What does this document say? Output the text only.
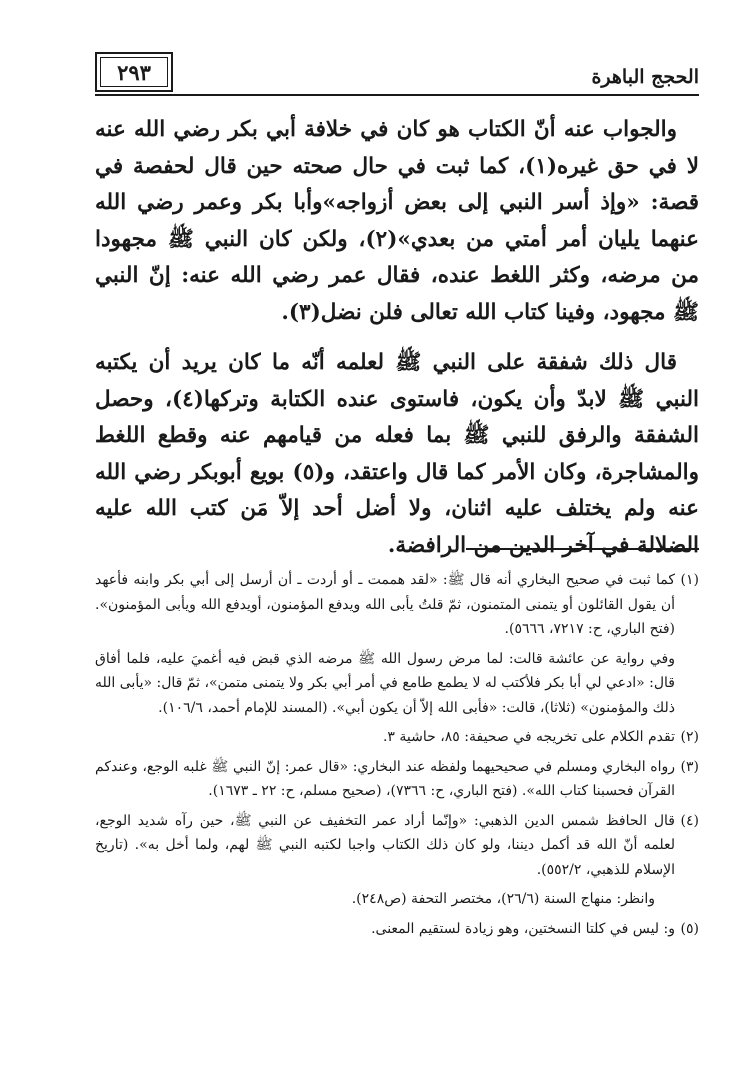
الحجج الباهرة
٢٩٣

والجواب عنه أنّ الكتاب هو كان في خلافة أبي بكر رضي الله عنه لا في حق غيره(١)، كما ثبت في حال صحته حين قال لحفصة في قصة: «وإذ أسر النبي إلى بعض أزواجه»وأبا بكر وعمر رضي الله عنهما يليان أمر أمتي من بعدي»(٢)، ولكن كان النبي ﷺ مجهودا من مرضه، وكثر اللغط عنده، فقال عمر رضي الله عنه: إنّ النبي ﷺ مجهود، وفينا كتاب الله تعالى فلن نضل(٣).

قال ذلك شفقة على النبي ﷺ لعلمه أنّه ما كان يريد أن يكتبه النبي ﷺ لابدّ وأن يكون، فاستوى عنده الكتابة وتركها(٤)، وحصل الشفقة والرفق للنبي ﷺ بما فعله من قيامهم عنه وقطع اللغط والمشاجرة، وكان الأمر كما قال واعتقد، و(٥) بويع أبوبكر رضي الله عنه ولم يختلف عليه اثنان، ولا أضل أحد إلاّ مَن كتب الله عليه الضلالة في آخر الدين من الرافضة.

(١)
كما ثبت في صحيح البخاري أنه قال ﷺ: «لقد هممت ـ أو أردت ـ أن أرسل إلى أبي بكر وابنه فأعهد أن يقول القائلون أو يتمنى المتمنون، ثمّ قلتُ يأبى الله ويدفع المؤمنون، أويدفع الله ويأبى المؤمنون». (فتح الباري، ح: ٧٢١٧، ٥٦٦٦).

وفي رواية عن عائشة قالت: لما مرض رسول الله ﷺ مرضه الذي قبض فيه أغميَ عليه، فلما أفاق قال: «ادعي لي أبا بكر فلأكتب له لا يطمع طامع في أمر أبي بكر ولا يتمنى متمن»، ثمّ قال: «يأبى الله ذلك والمؤمنون» (ثلاثا)، قالت: «فأبى الله إلاّ أن يكون أبي». (المسند للإمام أحمد، ١٠٦/٦).

(٢)
تقدم الكلام على تخريجه في صحيفة: ٨٥، حاشية ٣.

(٣)
رواه البخاري ومسلم في صحيحيهما ولفظه عند البخاري: «قال عمر: إنّ النبي ﷺ غلبه الوجع، وعندكم القرآن فحسبنا كتاب الله». (فتح الباري، ح: ٧٣٦٦)، (صحيح مسلم، ح: ٢٢ ـ ١٦٧٣).

(٤)
قال الحافظ شمس الدين الذهبي: «وإنّما أراد عمر التخفيف عن النبي ﷺ، حين رآه شديد الوجع، لعلمه أنّ الله قد أكمل ديننا، ولو كان ذلك الكتاب واجبا لكتبه النبي ﷺ لهم، ولما أخل به». (تاريخ الإسلام للذهبي، ٥٥٢/٢).

وانظر: منهاج السنة (٢٦/٦)، مختصر التحفة (ص٢٤٨).

(٥)
و: ليس في كلتا النسختين، وهو زيادة لستقيم المعنى.
